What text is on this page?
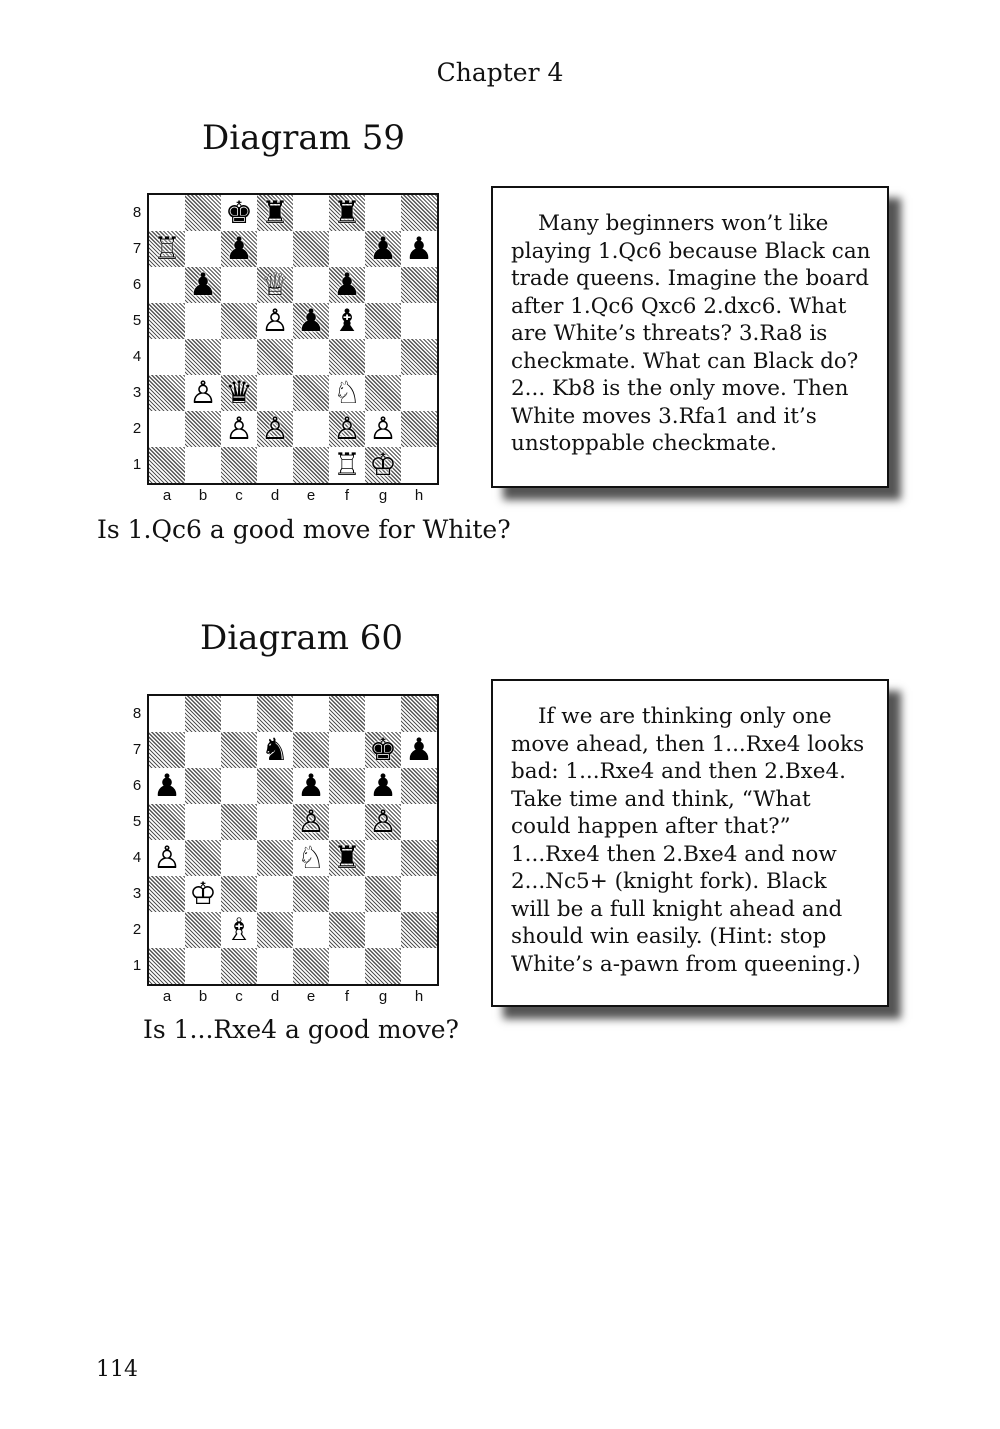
Chapter 4
Diagram 59
♚ ♜ ♜
♖ ♟	♟ ♟
♟ ♕ ♟
♙ ♟ ♝
♙ ♛	♘
♙ ♙ ♙ ♙
♖ ♔
Is 1.Qc6 a good move for White?

Many beginners won’t like playing 1.Qc6 because Black can trade queens. Imagine the board after 1.Qc6 Qxc6 2.dxc6. What are White’s threats? 3.Ra8 is checkmate. What can Black do? 2... Kb8 is the only move. Then White moves 3.Rfa1 and it’s unstoppable checkmate.

Diagram 60
♞	♚ ♟
♟	♟ ♟
♙ ♙
♙	♘ ♜
♔
♗
Is 1...Rxe4 a good move?

If we are thinking only one move ahead, then 1...Rxe4 looks bad: 1...Rxe4 and then 2.Bxe4. Take time and think, “What could happen after that?” 1...Rxe4 then 2.Bxe4 and now 2...Nc5+ (knight fork). Black will be a full knight ahead and should win easily. (Hint: stop White’s a-pawn from queening.)

114
8
7
6
5
4
3
2
1
a	b	c	d	e	f	g	h
8
7
6
5
4
3
2
1
a	b	c	d	e	f	g	h
